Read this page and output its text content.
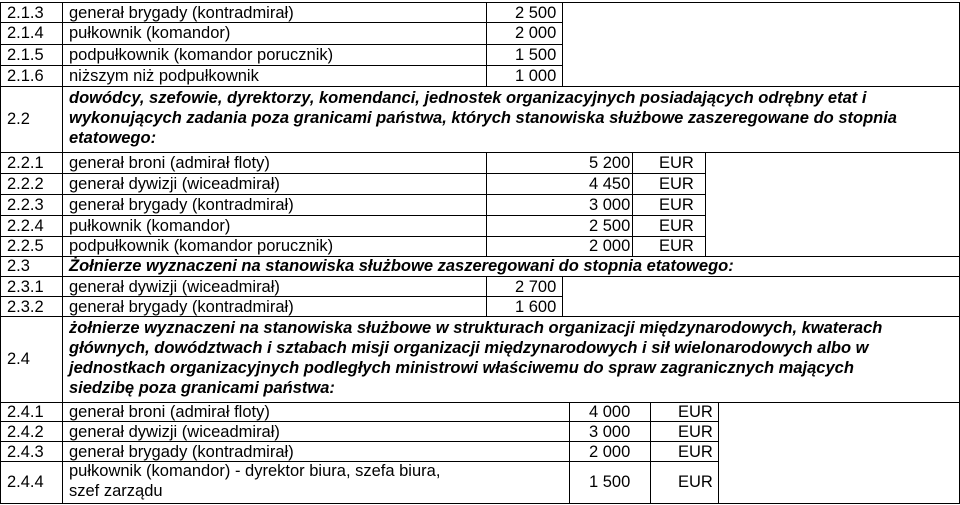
2.1.3 generał brygady (kontradmirał)	2 500
2.1.4 pułkownik (komandor)	2 000
2.1.5 podpułkownik (komandor porucznik)	1 500
2.1.6 niższym niż podpułkownik	1 000
2.2
dowódcy, szefowie, dyrektorzy, komendanci, jednostek organizacyjnych posiadających odrębny etat i
wykonujących zadania poza granicami państwa, których stanowiska służbowe zaszeregowane do stopnia
etatowego:
2.2.1 generał broni (admirał floty)	5 200 EUR
2.2.2 generał dywizji (wiceadmirał)	4 450 EUR
2.2.3 generał brygady (kontradmirał)	3 000 EUR
2.2.4 pułkownik (komandor)	2 500 EUR
2.2.5 podpułkownik (komandor porucznik)	2 000 EUR
2.3 Żołnierze wyznaczeni na stanowiska służbowe zaszeregowani do stopnia etatowego:
2.3.1 generał dywizji (wiceadmirał)	2 700
2.3.2 generał brygady (kontradmirał)	1 600
2.4
żołnierze wyznaczeni na stanowiska służbowe w strukturach organizacji międzynarodowych, kwaterach
głównych, dowództwach i sztabach misji organizacji międzynarodowych i sił wielonarodowych albo w
jednostkach organizacyjnych podległych ministrowi właściwemu do spraw zagranicznych mających
siedzibę poza granicami państwa:
2.4.1 generał broni (admirał floty)	4 000	EUR
2.4.2 generał dywizji (wiceadmirał)	3 000	EUR
2.4.3 generał brygady (kontradmirał)	2 000	EUR
2.4.4
pułkownik (komandor) - dyrektor biura, szefa biura,
szef zarządu	1 500	EUR
